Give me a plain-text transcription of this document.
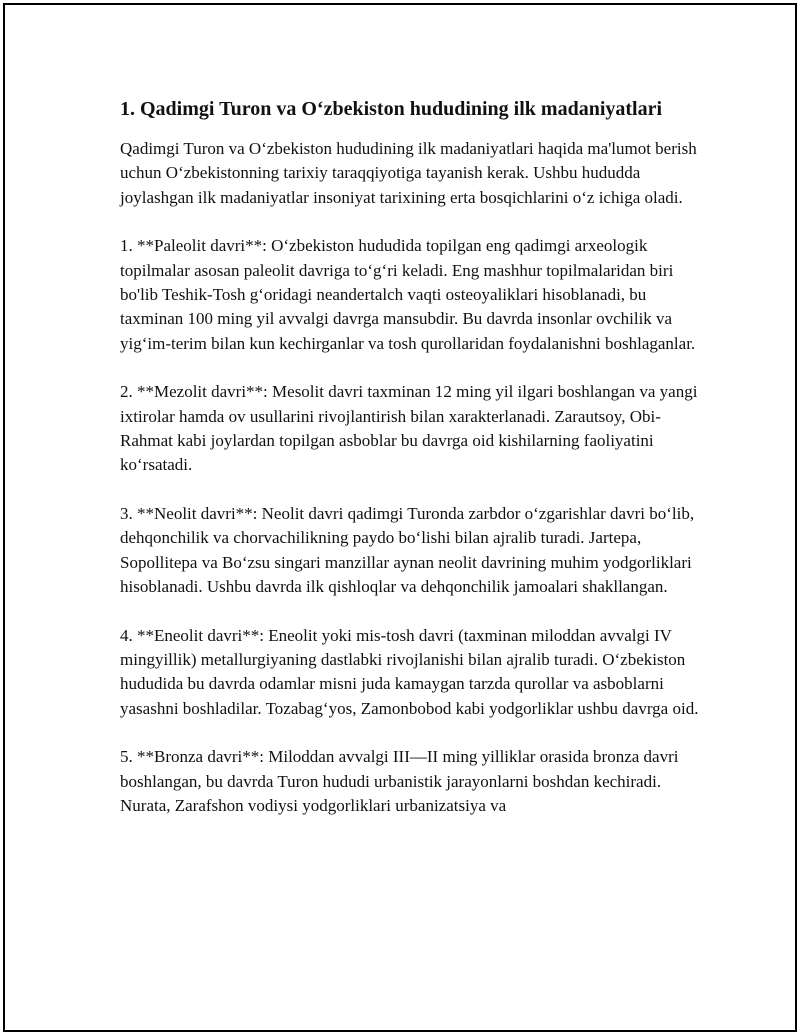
1. Qadimgi Turon va O‘zbekiston hududining ilk madaniyatlari

Qadimgi Turon va O‘zbekiston hududining ilk madaniyatlari haqida ma'lumot berish uchun O‘zbekistonning tarixiy taraqqiyotiga tayanish kerak. Ushbu hududda joylashgan ilk madaniyatlar insoniyat tarixining erta bosqichlarini o‘z ichiga oladi.

1. **Paleolit davri**: O‘zbekiston hududida topilgan eng qadimgi arxeologik topilmalar asosan paleolit davriga to‘g‘ri keladi. Eng mashhur topilmalaridan biri bo'lib Teshik-Tosh g‘oridagi neandertalch vaqti osteoyaliklari hisoblanadi, bu taxminan 100 ming yil avvalgi davrga mansubdir. Bu davrda insonlar ovchilik va yig‘im-terim bilan kun kechirganlar va tosh qurollaridan foydalanishni boshlaganlar.

2. **Mezolit davri**: Mesolit davri taxminan 12 ming yil ilgari boshlangan va yangi ixtirolar hamda ov usullarini rivojlantirish bilan xarakterlanadi. Zarautsoy, Obi-Rahmat kabi joylardan topilgan asboblar bu davrga oid kishilarning faoliyatini ko‘rsatadi.

3. **Neolit davri**: Neolit davri qadimgi Turonda zarbdor o‘zgarishlar davri bo‘lib, dehqonchilik va chorvachilikning paydo bo‘lishi bilan ajralib turadi. Jartepa, Sopollitepa va Bo‘zsu singari manzillar aynan neolit davrining muhim yodgorliklari hisoblanadi. Ushbu davrda ilk qishloqlar va dehqonchilik jamoalari shakllangan.

4. **Eneolit davri**: Eneolit yoki mis-tosh davri (taxminan miloddan avvalgi IV mingyillik) metallurgiyaning dastlabki rivojlanishi bilan ajralib turadi. O‘zbekiston hududida bu davrda odamlar misni juda kamaygan tarzda qurollar va asboblarni yasashni boshladilar. Tozabag‘yos, Zamonbobod kabi yodgorliklar ushbu davrga oid.

5. **Bronza davri**: Miloddan avvalgi III—II ming yilliklar orasida bronza davri boshlangan, bu davrda Turon hududi urbanistik jarayonlarni boshdan kechiradi. Nurata, Zarafshon vodiysi yodgorliklari urbanizatsiya va
